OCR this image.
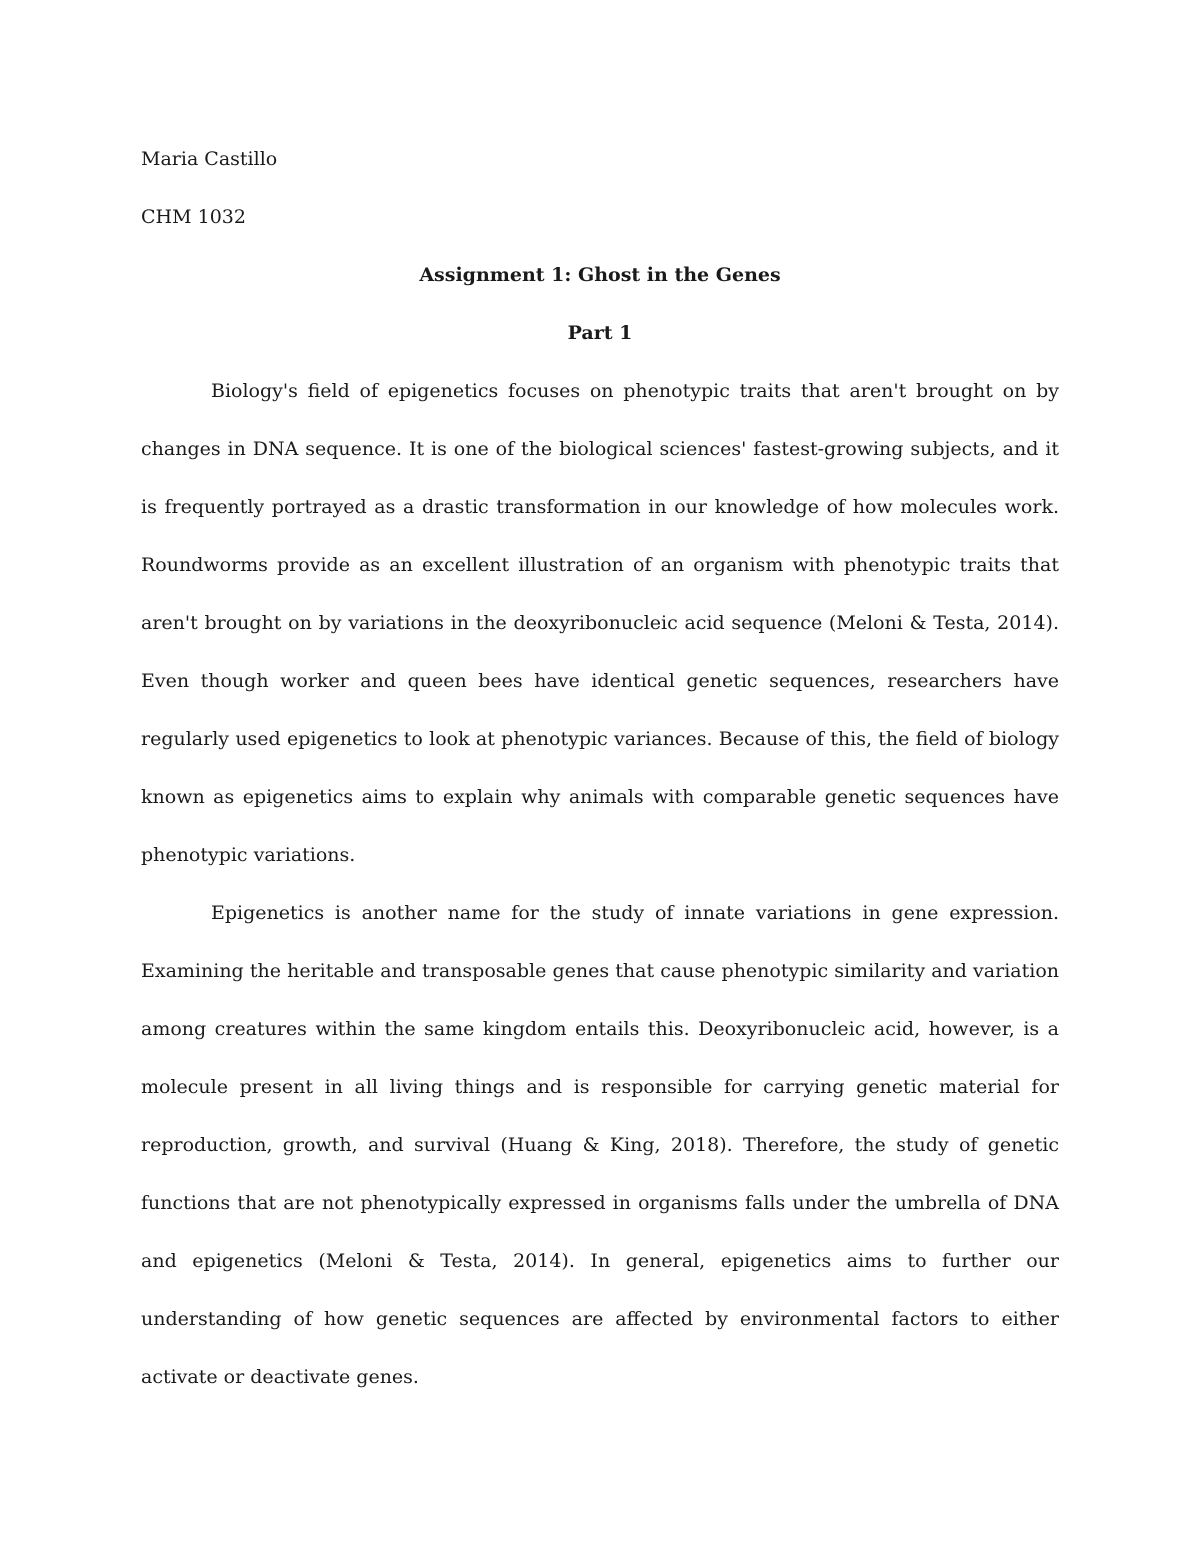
Maria Castillo

CHM 1032

Assignment 1: Ghost in the Genes

Part 1

Biology's field of epigenetics focuses on phenotypic traits that aren't brought on by changes in DNA sequence. It is one of the biological sciences' fastest-growing subjects, and it is frequently portrayed as a drastic transformation in our knowledge of how molecules work. Roundworms provide as an excellent illustration of an organism with phenotypic traits that aren't brought on by variations in the deoxyribonucleic acid sequence (Meloni & Testa, 2014). Even though worker and queen bees have identical genetic sequences, researchers have regularly used epigenetics to look at phenotypic variances. Because of this, the field of biology known as epigenetics aims to explain why animals with comparable genetic sequences have phenotypic variations.

Epigenetics is another name for the study of innate variations in gene expression. Examining the heritable and transposable genes that cause phenotypic similarity and variation among creatures within the same kingdom entails this. Deoxyribonucleic acid, however, is a molecule present in all living things and is responsible for carrying genetic material for reproduction, growth, and survival (Huang & King, 2018). Therefore, the study of genetic functions that are not phenotypically expressed in organisms falls under the umbrella of DNA and epigenetics (Meloni & Testa, 2014). In general, epigenetics aims to further our understanding of how genetic sequences are affected by environmental factors to either activate or deactivate genes.
